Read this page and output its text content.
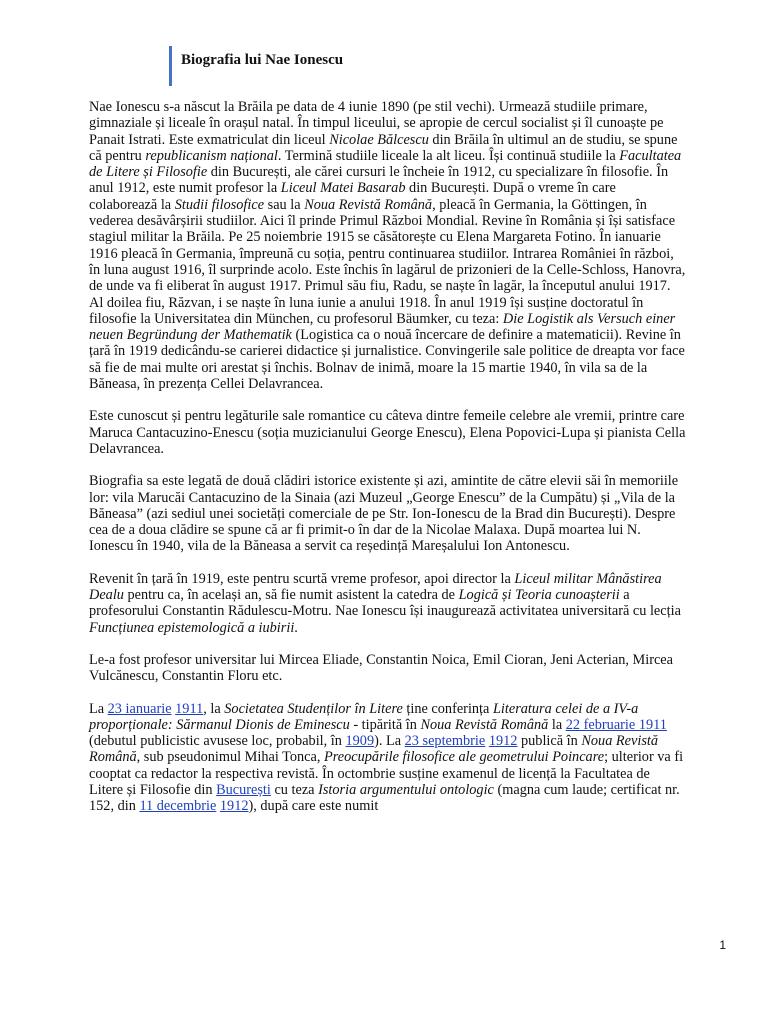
Biografia lui Nae Ionescu

Nae Ionescu s-a născut la Brăila pe data de 4 iunie 1890 (pe stil vechi). Urmează studiile primare, gimnaziale și liceale în orașul natal. În timpul liceului, se apropie de cercul socialist și îl cunoaște pe Panait Istrati. Este exmatriculat din liceul Nicolae Bălcescu din Brăila în ultimul an de studiu, se spune că pentru republicanism național. Termină studiile liceale la alt liceu. Își continuă studiile la Facultatea de Litere și Filosofie din București, ale cărei cursuri le încheie în 1912, cu specializare în filosofie. În anul 1912, este numit profesor la Liceul Matei Basarab din București. După o vreme în care colaborează la Studii filosofice sau la Noua Revistă Română, pleacă în Germania, la Göttingen, în vederea desăvârșirii studiilor. Aici îl prinde Primul Război Mondial. Revine în România și își satisface stagiul militar la Brăila. Pe 25 noiembrie 1915 se căsătorește cu Elena Margareta Fotino. În ianuarie 1916 pleacă în Germania, împreună cu soția, pentru continuarea studiilor. Intrarea României în război, în luna august 1916, îl surprinde acolo. Este închis în lagărul de prizonieri de la Celle-Schloss, Hanovra, de unde va fi eliberat în august 1917. Primul său fiu, Radu, se naște în lagăr, la începutul anului 1917. Al doilea fiu, Răzvan, i se naște în luna iunie a anului 1918. În anul 1919 își susține doctoratul în filosofie la Universitatea din München, cu profesorul Bäumker, cu teza: Die Logistik als Versuch einer neuen Begründung der Mathematik (Logistica ca o nouă încercare de definire a matematicii). Revine în țară în 1919 dedicându-se carierei didactice și jurnalistice. Convingerile sale politice de dreapta vor face să fie de mai multe ori arestat și închis. Bolnav de inimă, moare la 15 martie 1940, în vila sa de la Băneasa, în prezența Cellei Delavrancea.

Este cunoscut și pentru legăturile sale romantice cu câteva dintre femeile celebre ale vremii, printre care Maruca Cantacuzino-Enescu (soția muzicianului George Enescu), Elena Popovici-Lupa și pianista Cella Delavrancea.

Biografia sa este legată de două clădiri istorice existente și azi, amintite de către elevii săi în memoriile lor: vila Marucăi Cantacuzino de la Sinaia (azi Muzeul „George Enescu” de la Cumpătu) și „Vila de la Băneasa” (azi sediul unei societăți comerciale de pe Str. Ion-Ionescu de la Brad din București). Despre cea de a doua clădire se spune că ar fi primit-o în dar de la Nicolae Malaxa. După moartea lui N. Ionescu în 1940, vila de la Băneasa a servit ca reședință Mareșalului Ion Antonescu.

Revenit în țară în 1919, este pentru scurtă vreme profesor, apoi director la Liceul militar Mânăstirea Dealu pentru ca, în același an, să fie numit asistent la catedra de Logică și Teoria cunoașterii a profesorului Constantin Rădulescu-Motru. Nae Ionescu își inaugurează activitatea universitară cu lecția Funcțiunea epistemologică a iubirii.

Le-a fost profesor universitar lui Mircea Eliade, Constantin Noica, Emil Cioran, Jeni Acterian, Mircea Vulcănescu, Constantin Floru etc.

La 23 ianuarie 1911, la Societatea Studenților în Litere ține conferința Literatura celei de a IV-a proporționale: Sărmanul Dionis de Eminescu - tipărită în Noua Revistă Română la 22 februarie 1911 (debutul publicistic avusese loc, probabil, în 1909). La 23 septembrie 1912 publică în Noua Revistă Română, sub pseudonimul Mihai Tonca, Preocupările filosofice ale geometrului Poincare; ulterior va fi cooptat ca redactor la respectiva revistă. În octombrie susține examenul de licență la Facultatea de Litere și Filosofie din București cu teza Istoria argumentului ontologic (magna cum laude; certificat nr. 152, din 11 decembrie 1912), după care este numit

1
